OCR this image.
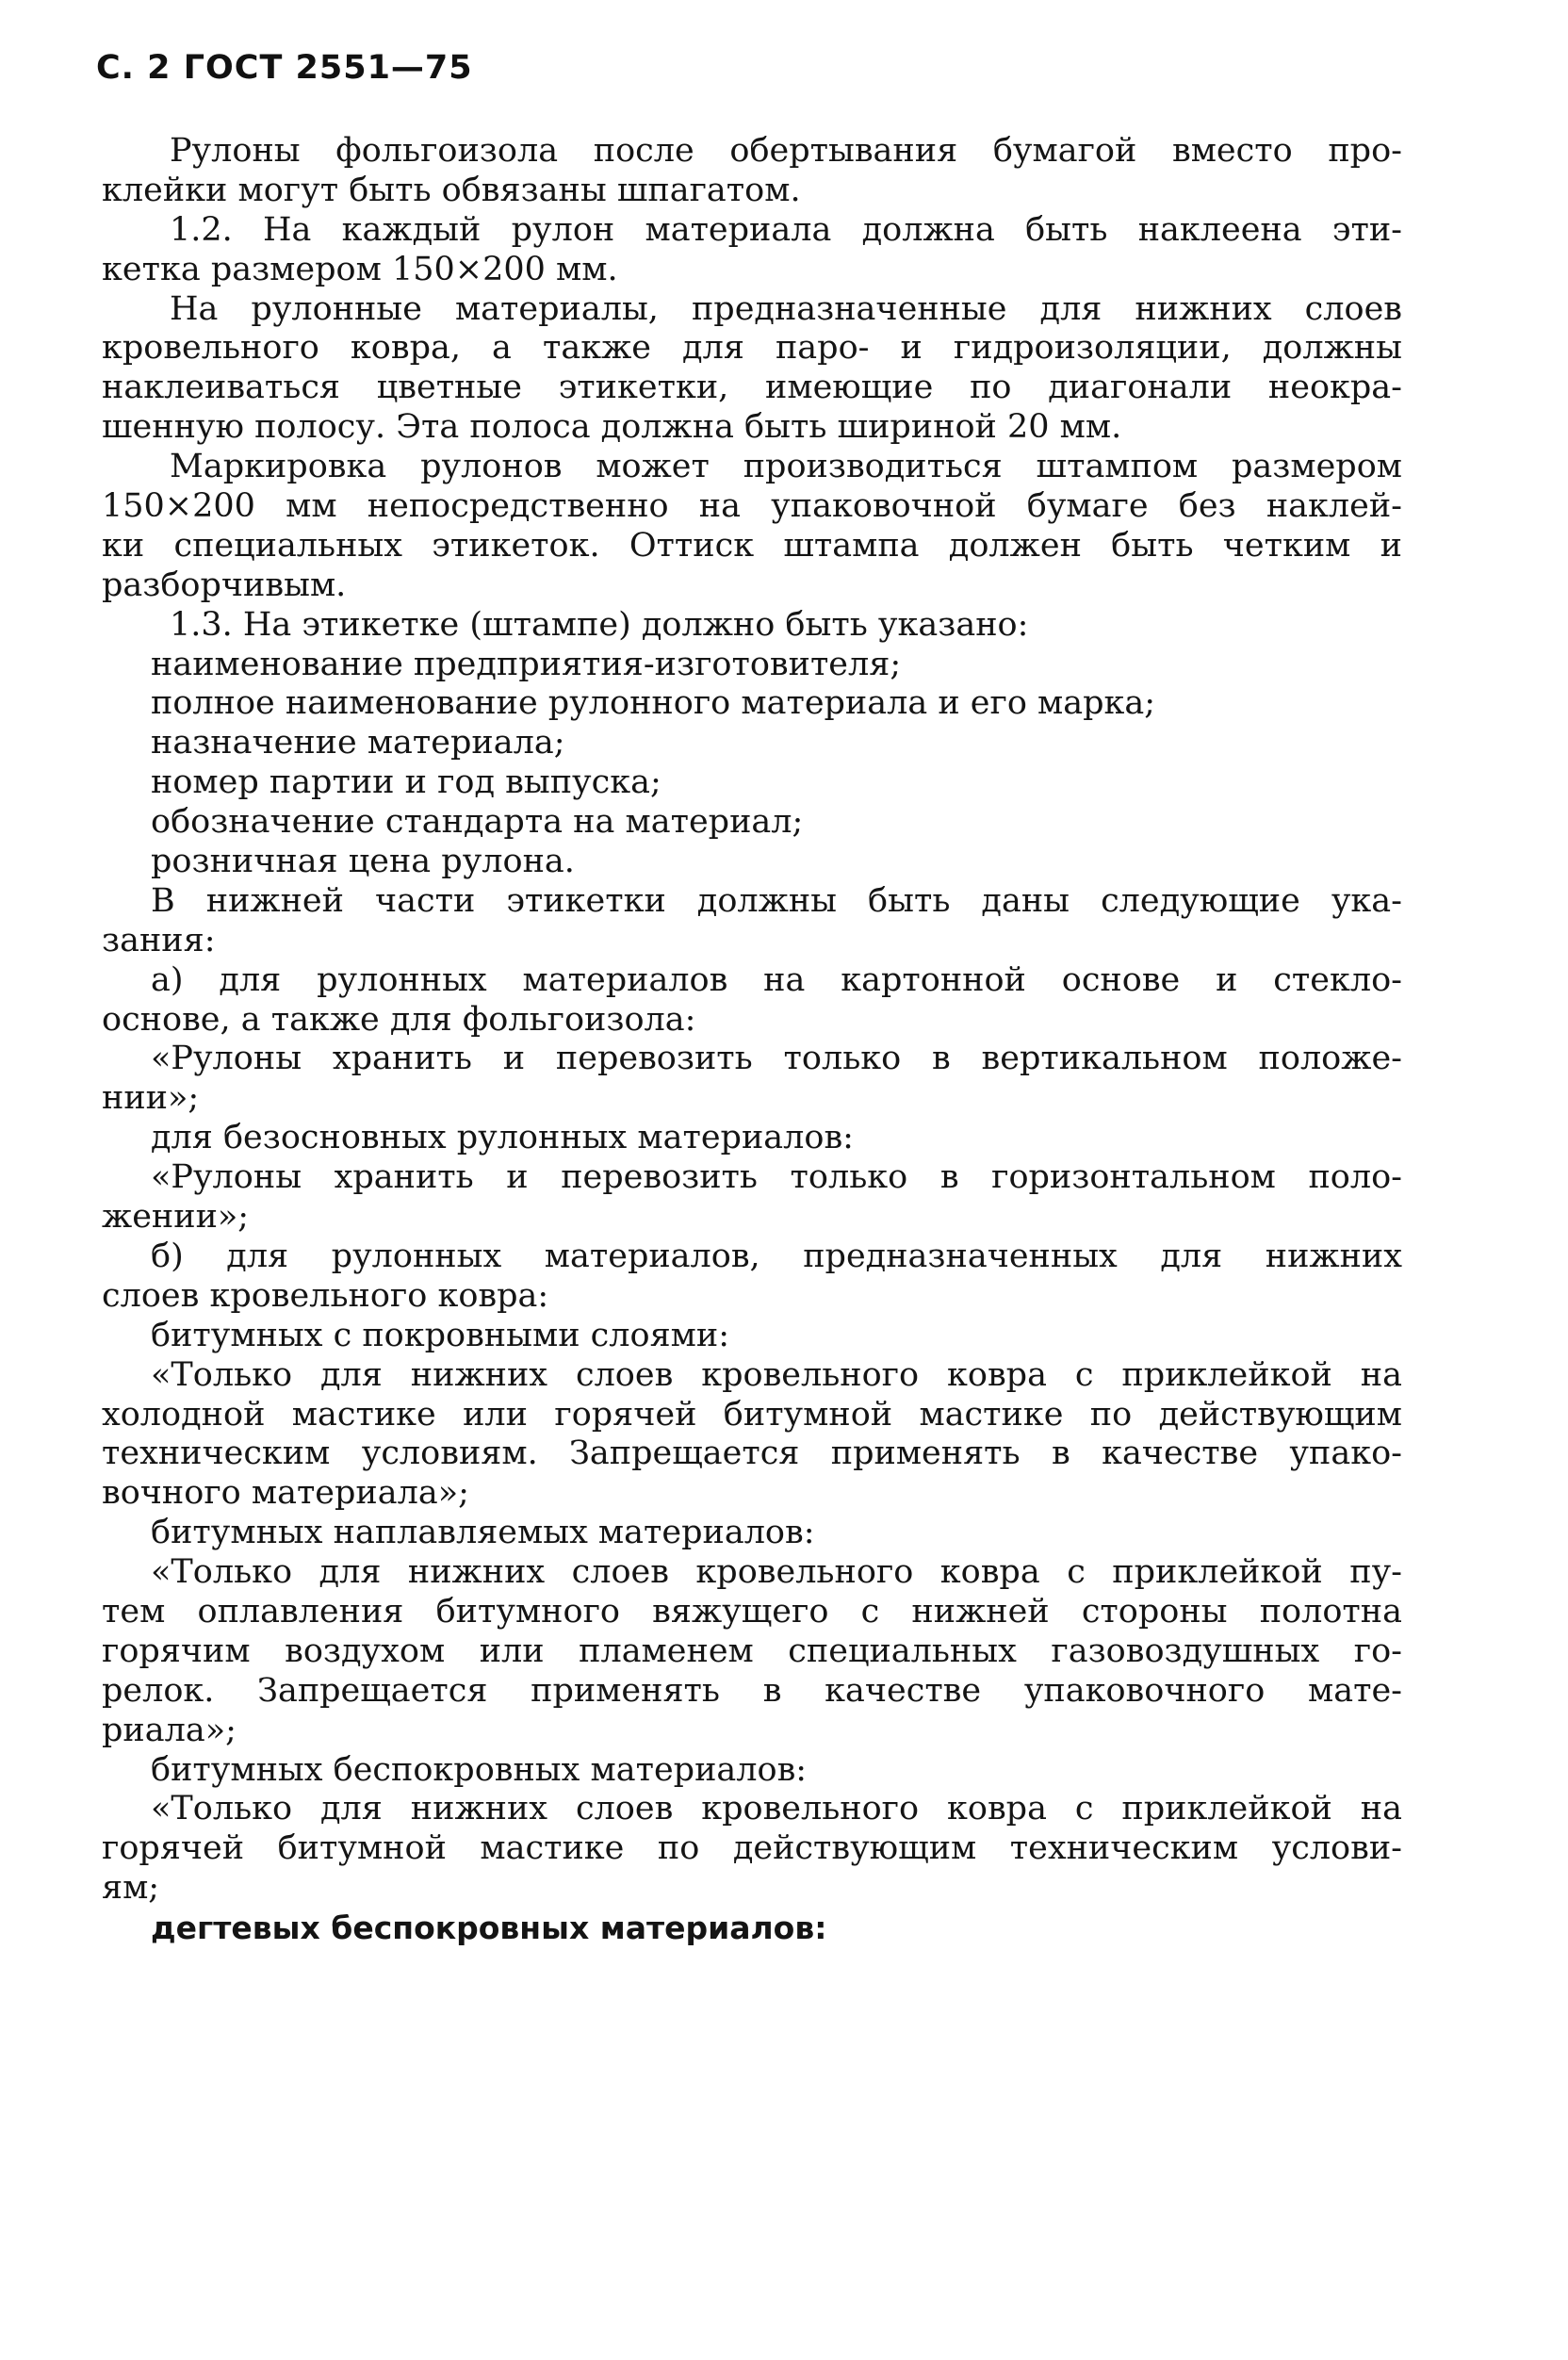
С. 2 ГОСТ 2551—75
Рулоны фольгоизола после обертывания бумагой вместо про-
клейки могут быть обвязаны шпагатом.
1.2. На каждый рулон материала должна быть наклеена эти-
кетка размером 150×200 мм.
На рулонные материалы, предназначенные для нижних слоев
кровельного ковра, а также для паро- и гидроизоляции, должны
наклеиваться цветные этикетки, имеющие по диагонали неокра-
шенную полосу. Эта полоса должна быть шириной 20 мм.
Маркировка рулонов может производиться штампом размером
150×200 мм непосредственно на упаковочной бумаге без наклей-
ки специальных этикеток. Оттиск штампа должен быть четким и
разборчивым.
1.3. На этикетке (штампе) должно быть указано:
наименование предприятия-изготовителя;
полное наименование рулонного материала и его марка;
назначение материала;
номер партии и год выпуска;
обозначение стандарта на материал;
розничная цена рулона.
В нижней части этикетки должны быть даны следующие ука-
зания:
а) для рулонных материалов на картонной основе и стекло-
основе, а также для фольгоизола:
«Рулоны хранить и перевозить только в вертикальном положе-
нии»;
для безосновных рулонных материалов:
«Рулоны хранить и перевозить только в горизонтальном поло-
жении»;
б) для рулонных материалов, предназначенных для нижних
слоев кровельного ковра:
битумных с покровными слоями:
«Только для нижних слоев кровельного ковра с приклейкой на
холодной мастике или горячей битумной мастике по действующим
техническим условиям. Запрещается применять в качестве упако-
вочного материала»;
битумных наплавляемых материалов:
«Только для нижних слоев кровельного ковра с приклейкой пу-
тем оплавления битумного вяжущего с нижней стороны полотна
горячим воздухом или пламенем специальных газовоздушных го-
релок. Запрещается применять в качестве упаковочного мате-
риала»;
битумных беспокровных материалов:
«Только для нижних слоев кровельного ковра с приклейкой на
горячей битумной мастике по действующим техническим услови-
ям;
дегтевых беспокровных материалов:
